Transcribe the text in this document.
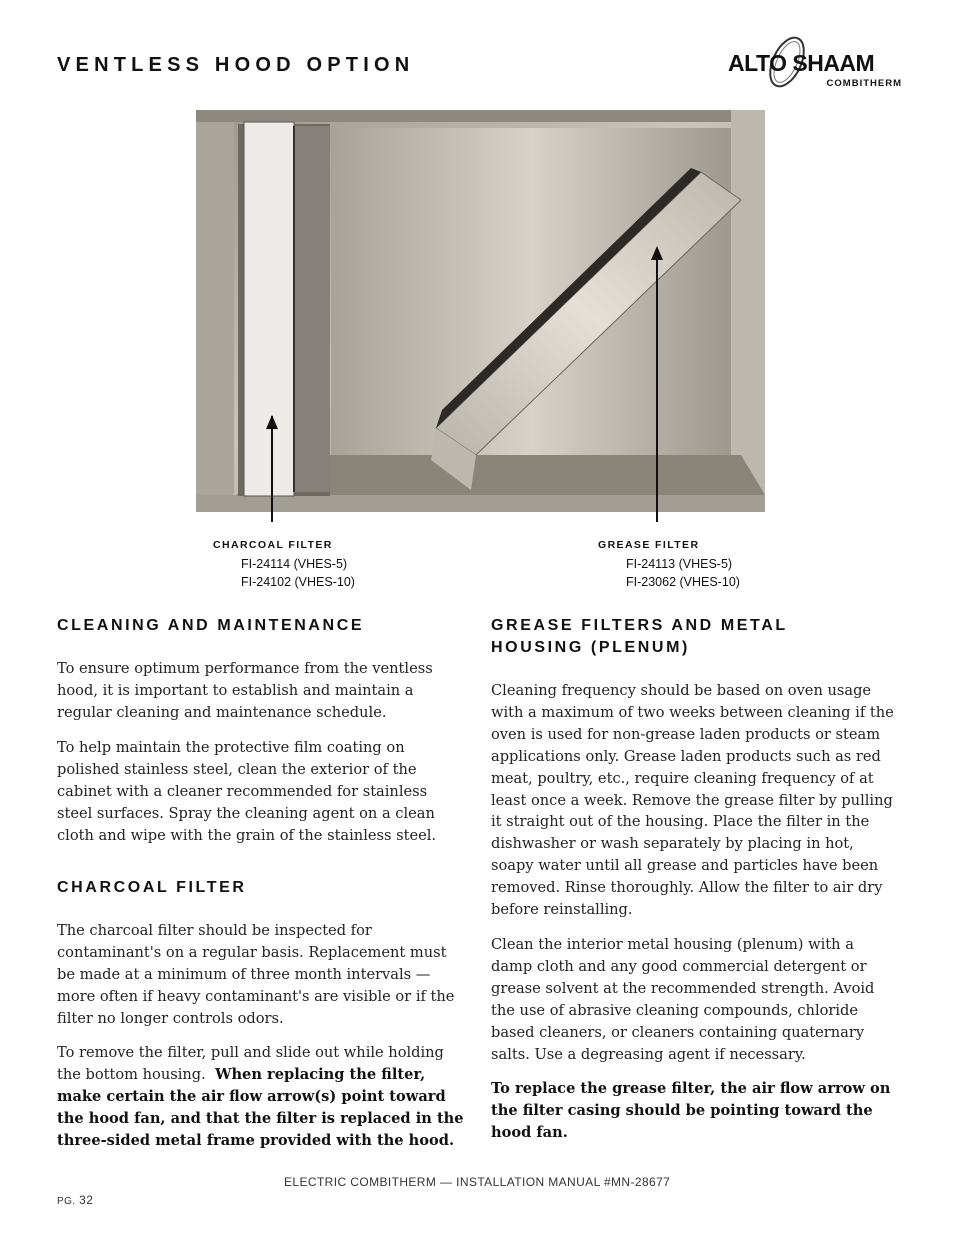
VENTLESS HOOD OPTION	ALTO SHAAM
COMBITHERM
CHARCOAL FILTER
FI-24114 (VHES-5)
FI-24102 (VHES-10)
GREASE FILTER
FI-24113 (VHES-5)
FI-23062 (VHES-10)
CLEANING AND MAINTENANCE
To ensure optimum performance from the ventless hood, it is important to establish and maintain a regular cleaning and maintenance schedule.
To help maintain the protective film coating on polished stainless steel, clean the exterior of the cabinet with a cleaner recommended for stainless steel surfaces. Spray the cleaning agent on a clean cloth and wipe with the grain of the stainless steel.
CHARCOAL FILTER
The charcoal filter should be inspected for contaminant's on a regular basis. Replacement must be made at a minimum of three month intervals — more often if heavy contaminant's are visible or if the filter no longer controls odors.
To remove the filter, pull and slide out while holding the bottom housing. When replacing the filter, make certain the air flow arrow(s) point toward the hood fan, and that the filter is replaced in the three-sided metal frame provided with the hood.
GREASE FILTERS AND METAL
HOUSING (PLENUM)
Cleaning frequency should be based on oven usage with a maximum of two weeks between cleaning if the oven is used for non-grease laden products or steam applications only. Grease laden products such as red meat, poultry, etc., require cleaning frequency of at least once a week. Remove the grease filter by pulling it straight out of the housing. Place the filter in the dishwasher or wash separately by placing in hot, soapy water until all grease and particles have been removed. Rinse thoroughly. Allow the filter to air dry before reinstalling.
Clean the interior metal housing (plenum) with a damp cloth and any good commercial detergent or grease solvent at the recommended strength. Avoid the use of abrasive cleaning compounds, chloride based cleaners, or cleaners containing quaternary salts. Use a degreasing agent if necessary.
To replace the grease filter, the air flow arrow on the filter casing should be pointing toward the hood fan.
ELECTRIC COMBITHERM — INSTALLATION MANUAL #MN-28677
PG. 32
